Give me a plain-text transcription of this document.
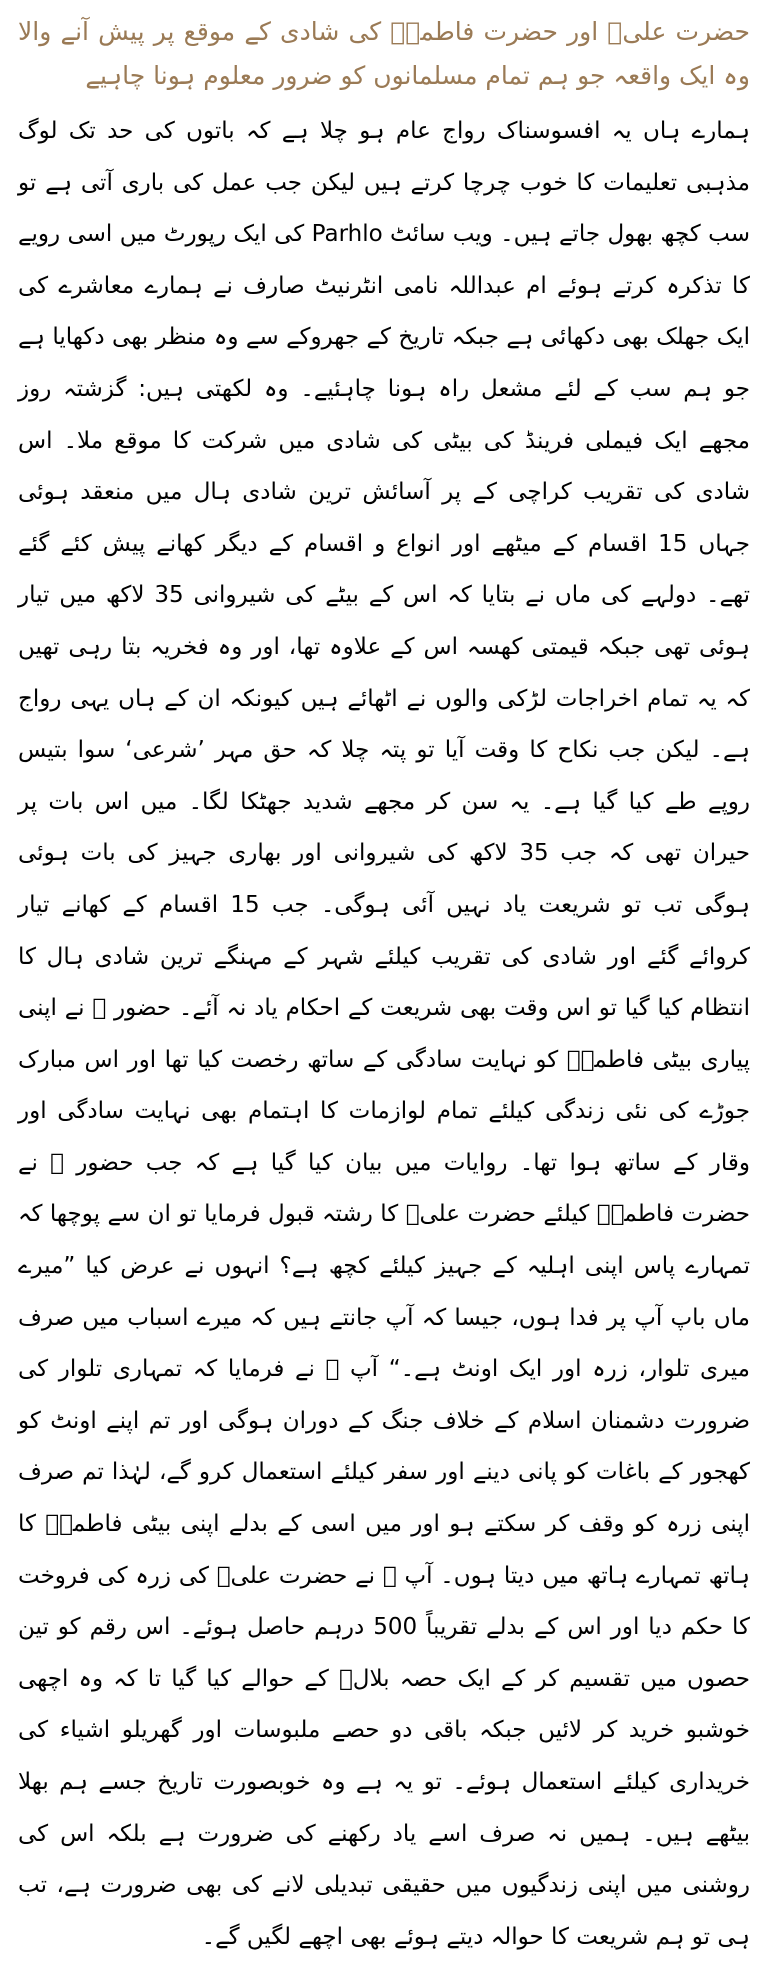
حضرت علیؓ اور حضرت فاطمہؓ کی شادی کے موقع پر پیش آنے والا وہ ایک واقعہ جو ہم تمام مسلمانوں کو ضرور معلوم ہونا چاہیے

ہمارے ہاں یہ افسوسناک رواج عام ہو چلا ہے کہ باتوں کی حد تک لوگ مذہبی تعلیمات کا خوب چرچا کرتے ہیں لیکن جب عمل کی باری آتی ہے تو سب کچھ بھول جاتے ہیں۔ ویب سائٹ Parhlo کی ایک رپورٹ میں اسی رویے کا تذکرہ کرتے ہوئے ام عبداللہ نامی انٹرنیٹ صارف نے ہمارے معاشرے کی ایک جھلک بھی دکھائی ہے جبکہ تاریخ کے جھروکے سے وہ منظر بھی دکھایا ہے جو ہم سب کے لئے مشعل راہ ہونا چاہئیے۔ وہ لکھتی ہیں: گزشتہ روز مجھے ایک فیملی فرینڈ کی بیٹی کی شادی میں شرکت کا موقع ملا۔ اس شادی کی تقریب کراچی کے پر آسائش ترین شادی ہال میں منعقد ہوئی جہاں 15 اقسام کے میٹھے اور انواع و اقسام کے دیگر کھانے پیش کئے گئے تھے۔ دولہے کی ماں نے بتایا کہ اس کے بیٹے کی شیروانی 35 لاکھ میں تیار ہوئی تھی جبکہ قیمتی کھسہ اس کے علاوہ تھا، اور وہ فخریہ بتا رہی تھیں کہ یہ تمام اخراجات لڑکی والوں نے اٹھائے ہیں کیونکہ ان کے ہاں یہی رواج ہے۔ لیکن جب نکاح کا وقت آیا تو پتہ چلا کہ حق مہر ’شرعی‘ سوا بتیس روپے طے کیا گیا ہے۔ یہ سن کر مجھے شدید جھٹکا لگا۔ میں اس بات پر حیران تھی کہ جب 35 لاکھ کی شیروانی اور بھاری جہیز کی بات ہوئی ہوگی تب تو شریعت یاد نہیں آئی ہوگی۔ جب 15 اقسام کے کھانے تیار کروائے گئے اور شادی کی تقریب کیلئے شہر کے مہنگے ترین شادی ہال کا انتظام کیا گیا تو اس وقت بھی شریعت کے احکام یاد نہ آئے۔ حضور ﷺ نے اپنی پیاری بیٹی فاطمہؓ کو نہایت سادگی کے ساتھ رخصت کیا تھا اور اس مبارک جوڑے کی نئی زندگی کیلئے تمام لوازمات کا اہتمام بھی نہایت سادگی اور وقار کے ساتھ ہوا تھا۔ روایات میں بیان کیا گیا ہے کہ جب حضور ﷺ نے حضرت فاطمہؓ کیلئے حضرت علیؓ کا رشتہ قبول فرمایا تو ان سے پوچھا کہ تمہارے پاس اپنی اہلیہ کے جہیز کیلئے کچھ ہے؟ انہوں نے عرض کیا ”میرے ماں باپ آپ پر فدا ہوں، جیسا کہ آپ جانتے ہیں کہ میرے اسباب میں صرف میری تلوار، زرہ اور ایک اونٹ ہے۔“ آپ ﷺ نے فرمایا کہ تمہاری تلوار کی ضرورت دشمنان اسلام کے خلاف جنگ کے دوران ہوگی اور تم اپنے اونٹ کو کھجور کے باغات کو پانی دینے اور سفر کیلئے استعمال کرو گے، لہٰذا تم صرف اپنی زرہ کو وقف کر سکتے ہو اور میں اسی کے بدلے اپنی بیٹی فاطمہؓ کا ہاتھ تمہارے ہاتھ میں دیتا ہوں۔ آپ ﷺ نے حضرت علیؓ کی زرہ کی فروخت کا حکم دیا اور اس کے بدلے تقریباً 500 درہم حاصل ہوئے۔ اس رقم کو تین حصوں میں تقسیم کر کے ایک حصہ بلالؓ کے حوالے کیا گیا تا کہ وہ اچھی خوشبو خرید کر لائیں جبکہ باقی دو حصے ملبوسات اور گھریلو اشیاء کی خریداری کیلئے استعمال ہوئے۔ تو یہ ہے وہ خوبصورت تاریخ جسے ہم بھلا بیٹھے ہیں۔ ہمیں نہ صرف اسے یاد رکھنے کی ضرورت ہے بلکہ اس کی روشنی میں اپنی زندگیوں میں حقیقی تبدیلی لانے کی بھی ضرورت ہے، تب ہی تو ہم شریعت کا حوالہ دیتے ہوئے بھی اچھے لگیں گے۔
